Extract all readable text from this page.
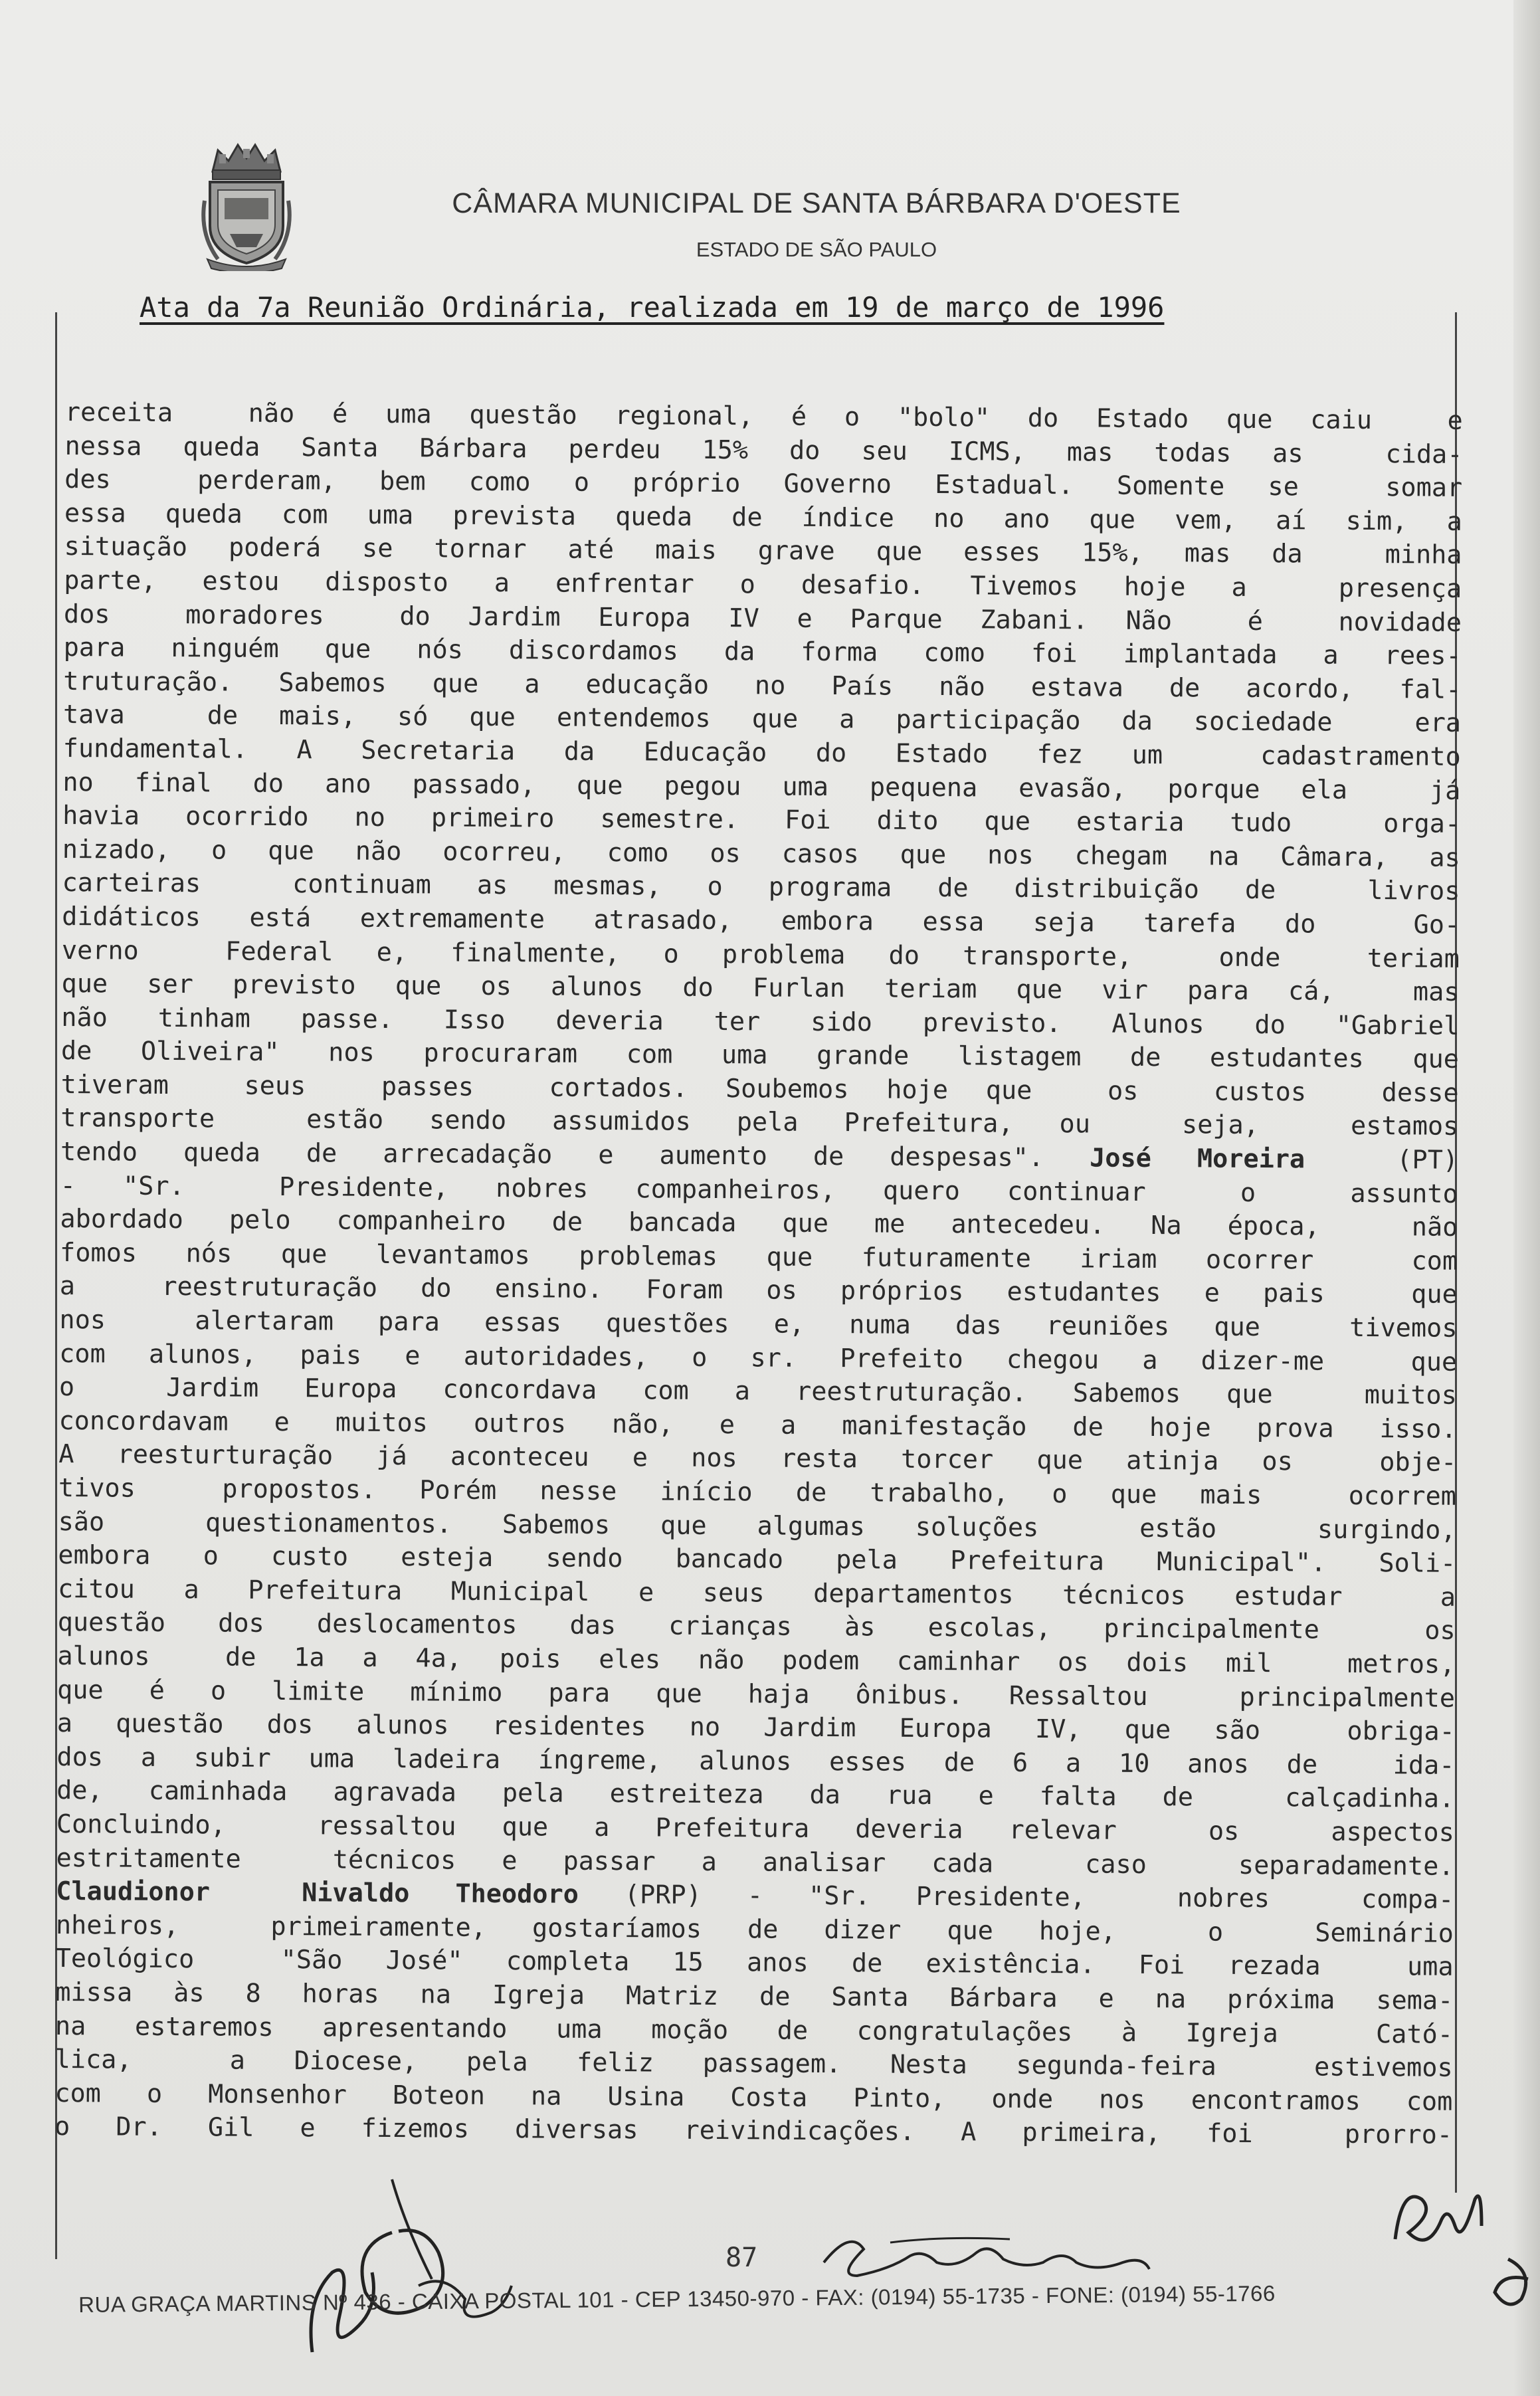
CÂMARA MUNICIPAL DE SANTA BÁRBARA D'OESTE
ESTADO DE SÃO PAULO
Ata da 7a Reunião Ordinária, realizada em 19 de março de 1996
receita  não é uma questão regional, é o "bolo" do Estado que caiu  e
nessa queda Santa Bárbara perdeu 15% do seu ICMS, mas todas as  cida-
des  perderam, bem como o próprio Governo Estadual. Somente se  somar
essa queda com uma prevista queda de índice no ano que vem, aí sim, a
situação poderá se tornar até mais grave que esses 15%, mas da  minha
parte, estou disposto a enfrentar o desafio. Tivemos hoje a  presença
dos  moradores  do Jardim Europa IV e Parque Zabani. Não  é  novidade
para ninguém que nós discordamos da forma como foi implantada a rees-
truturação. Sabemos que a educação no País não estava de acordo, fal-
tava  de mais, só que entendemos que a participação da sociedade  era
fundamental. A Secretaria da Educação do Estado fez um  cadastramento
no final do ano passado, que pegou uma pequena evasão, porque ela  já
havia ocorrido no primeiro semestre. Foi dito que estaria tudo  orga-
nizado, o que não ocorreu, como os casos que nos chegam na Câmara, as
carteiras  continuam as mesmas, o programa de distribuição de  livros
didáticos está extremamente atrasado, embora essa seja tarefa do  Go-
verno  Federal e, finalmente, o problema do transporte,  onde  teriam
que ser previsto que os alunos do Furlan teriam que vir para cá,  mas
não tinham passe. Isso deveria ter sido previsto. Alunos do "Gabriel
de Oliveira" nos procuraram com uma grande listagem de estudantes que
tiveram  seus  passes  cortados. Soubemos hoje que  os  custos  desse
transporte  estão sendo assumidos pela Prefeitura, ou  seja,  estamos
tendo queda de arrecadação e aumento de despesas". José Moreira  (PT)
- "Sr.  Presidente, nobres companheiros, quero continuar  o  assunto
abordado pelo companheiro de bancada que me antecedeu. Na época,  não
fomos nós que levantamos problemas que futuramente iriam ocorrer  com
a  reestruturação do ensino. Foram os próprios estudantes e pais  que
nos  alertaram para essas questões e, numa das reuniões que  tivemos
com alunos, pais e autoridades, o sr. Prefeito chegou a dizer-me  que
o  Jardim Europa concordava com a reestruturação. Sabemos que  muitos
concordavam e muitos outros não, e a manifestação de hoje prova isso.
A reesturturação já aconteceu e nos resta torcer que atinja os  obje-
tivos  propostos. Porém nesse início de trabalho, o que mais  ocorrem
são  questionamentos. Sabemos que algumas soluções  estão  surgindo,
embora o custo esteja sendo bancado pela Prefeitura Municipal". Soli-
citou a Prefeitura Municipal e seus departamentos técnicos estudar  a
questão dos deslocamentos das crianças às escolas, principalmente  os
alunos  de 1a a 4a, pois eles não podem caminhar os dois mil  metros,
que é o limite mínimo para que haja ônibus. Ressaltou  principalmente
a questão dos alunos residentes no Jardim Europa IV, que são  obriga-
dos a subir uma ladeira íngreme, alunos esses de 6 a 10 anos de  ida-
de, caminhada agravada pela estreiteza da rua e falta de  calçadinha.
Concluindo,  ressaltou que a Prefeitura deveria relevar  os  aspectos
estritamente  técnicos e passar a analisar cada  caso  separadamente.
Claudionor  Nivaldo Theodoro (PRP) - "Sr. Presidente,  nobres  compa-
nheiros,  primeiramente, gostaríamos de dizer que hoje,  o  Seminário
Teológico  "São José" completa 15 anos de existência. Foi rezada  uma
missa às 8 horas na Igreja Matriz de Santa Bárbara e na próxima sema-
na estaremos apresentando uma moção de congratulações à Igreja  Cató-
lica,  a Diocese, pela feliz passagem. Nesta segunda-feira  estivemos
com o Monsenhor Boteon na Usina Costa Pinto, onde nos encontramos com
o Dr. Gil e fizemos diversas reivindicações. A primeira, foi  prorro-
87
RUA GRAÇA MARTINS Nº 436 - CAIXA POSTAL 101 - CEP 13450-970 - FAX: (0194) 55-1735 - FONE: (0194) 55-1766
